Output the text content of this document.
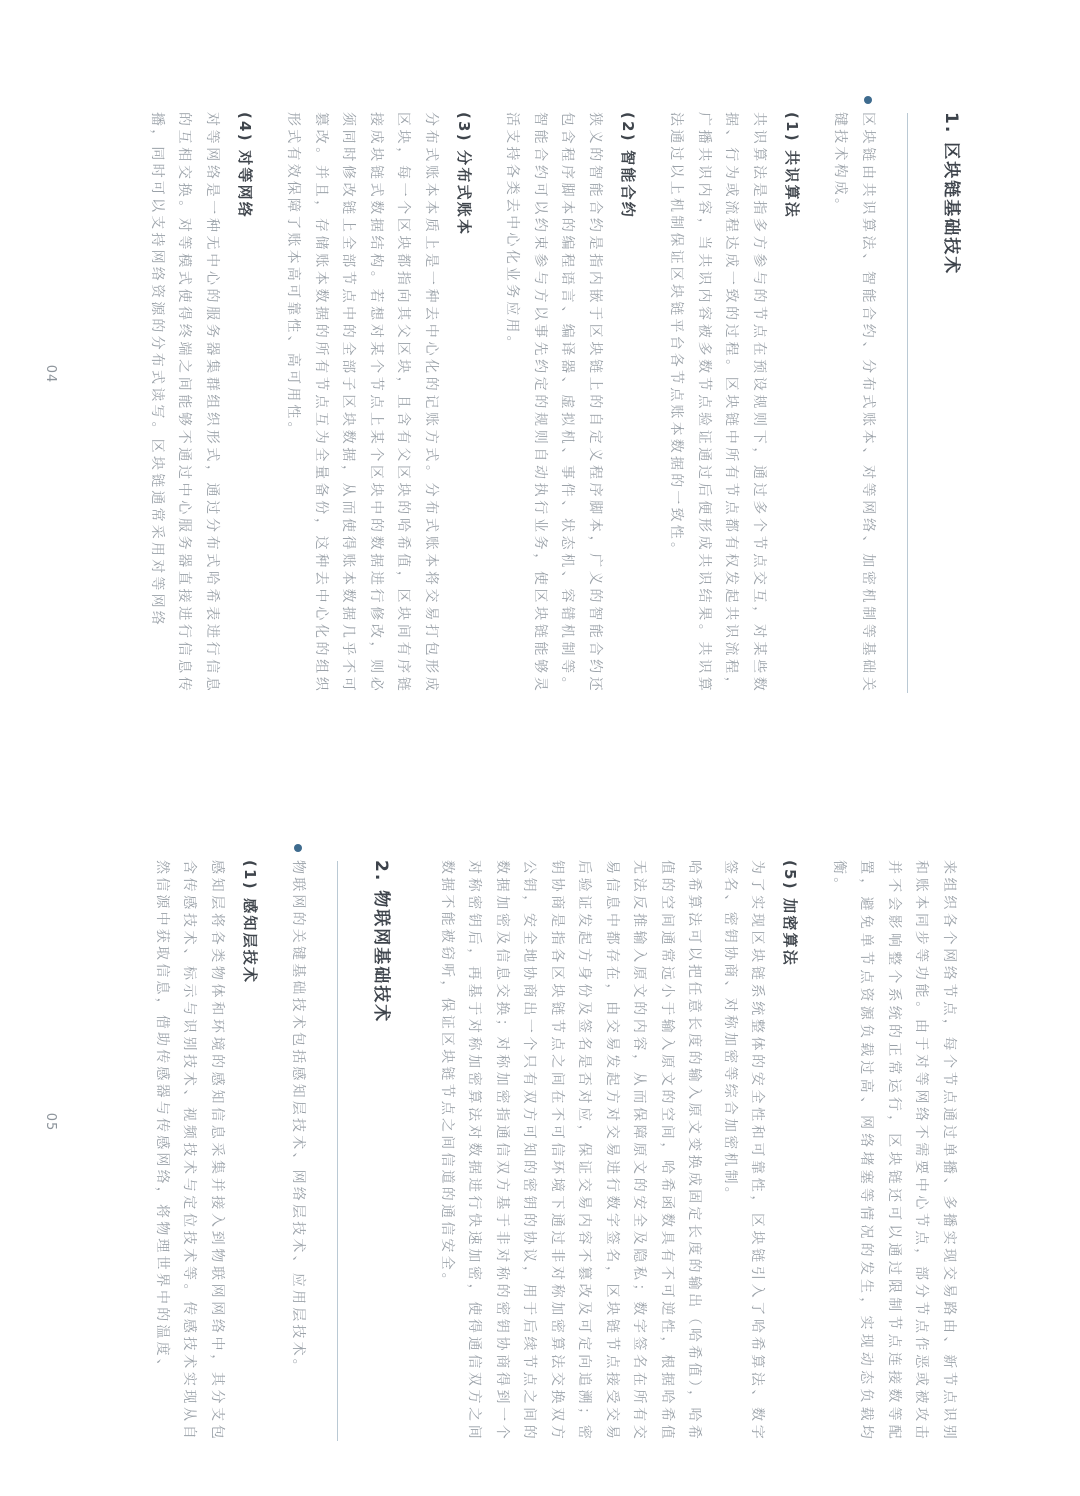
1. 区块链基础技术
区块链由共识算法、智能合约、分布式账本、对等网络、加密机制等基础关键技术构成。
(1) 共识算法

共识算法是指多方参与的节点在预设规则下，通过多个节点交互，对某些数据、行为或流程达成一致的过程。区块链中所有节点都有权发起共识流程，广播共识内容，当共识内容被多数节点验证通过后便形成共识结果。共识算法通过以上机制保证区块链平台各节点账本数据的一致性。

(2) 智能合约

狭义的智能合约是指内嵌于区块链上的自定义程序脚本，广义的智能合约还包含程序脚本的编程语言、编译器、虚拟机、事件、状态机、容错机制等。智能合约可以约束参与方以事先约定的规则自动执行业务，使区块链能够灵活支持各类去中心化业务应用。

(3) 分布式账本

分布式账本本质上是一种去中心化的记账方式。分布式账本将交易打包形成区块，每一个区块都指向其父区块，且含有父区块的哈希值，区块间有序链接成块链式数据结构。若想对某个节点上某个区块中的数据进行修改，则必须同时修改链上全部节点中的全部子区块数据，从而使得账本数据几乎不可篡改。并且，存储账本数据的所有节点互为全量备份，这种去中心化的组织形式有效保障了账本高可靠性、高可用性。

(4) 对等网络

对等网络是一种无中心的服务器集群组织形式，通过分布式哈希表进行信息的互相交换。对等模式使得终端之间能够不通过中心服务器直接进行信息传播，同时可以支持网络资源的分布式读写。区块链通常采用对等网络

04

来组织各个网络节点，每个节点通过单播、多播实现交易路由、新节点识别和账本同步等功能。由于对等网络不需要中心节点，部分节点作恶或被攻击并不会影响整个系统的正常运行，区块链还可以通过限制节点连接数等配置，避免单节点资源负载过高、网络堵塞等情况的发生，实现动态负载均衡。

(5) 加密算法

为了实现区块链系统整体的安全性和可靠性，区块链引入了哈希算法、数字签名、密钥协商、对称加密等综合加密机制。

哈希算法可以把任意长度的输入原文变换成固定长度的输出（哈希值），哈希值的空间通常远小于输入原文的空间，哈希函数具有不可逆性，根据哈希值无法反推输入原文的内容，从而保障原文的安全及隐私；数字签名在所有交易信息中都存在，由交易发起方对交易进行数字签名，区块链节点接受交易后验证发起方身份及签名是否对应，保证交易内容不篡改及可定向追溯；密钥协商是指各区块链节点之间在不可信环境下通过非对称加密算法交换双方公钥，安全地协商出一个只有双方可知的密钥的协议，用于后续节点之间的数据加密及信息交换；对称加密指通信双方基于非对称的密钥协商得到一个对称密钥后，再基于对称加密算法对数据进行快速加密，使得通信双方之间数据不能被窃听，保证区块链节点之间信道的通信安全。

2. 物联网基础技术
物联网的关键基础技术包括感知层技术、网络层技术、应用层技术。
(1) 感知层技术

感知层将各类物体和环境的感知信息采集并接入到物联网网络中，其分支包含传感技术、标示与识别技术、视频技术与定位技术等。传感技术实现从自然信源中获取信息，借助传感器与传感网络，将物理世界中的温度、

05
